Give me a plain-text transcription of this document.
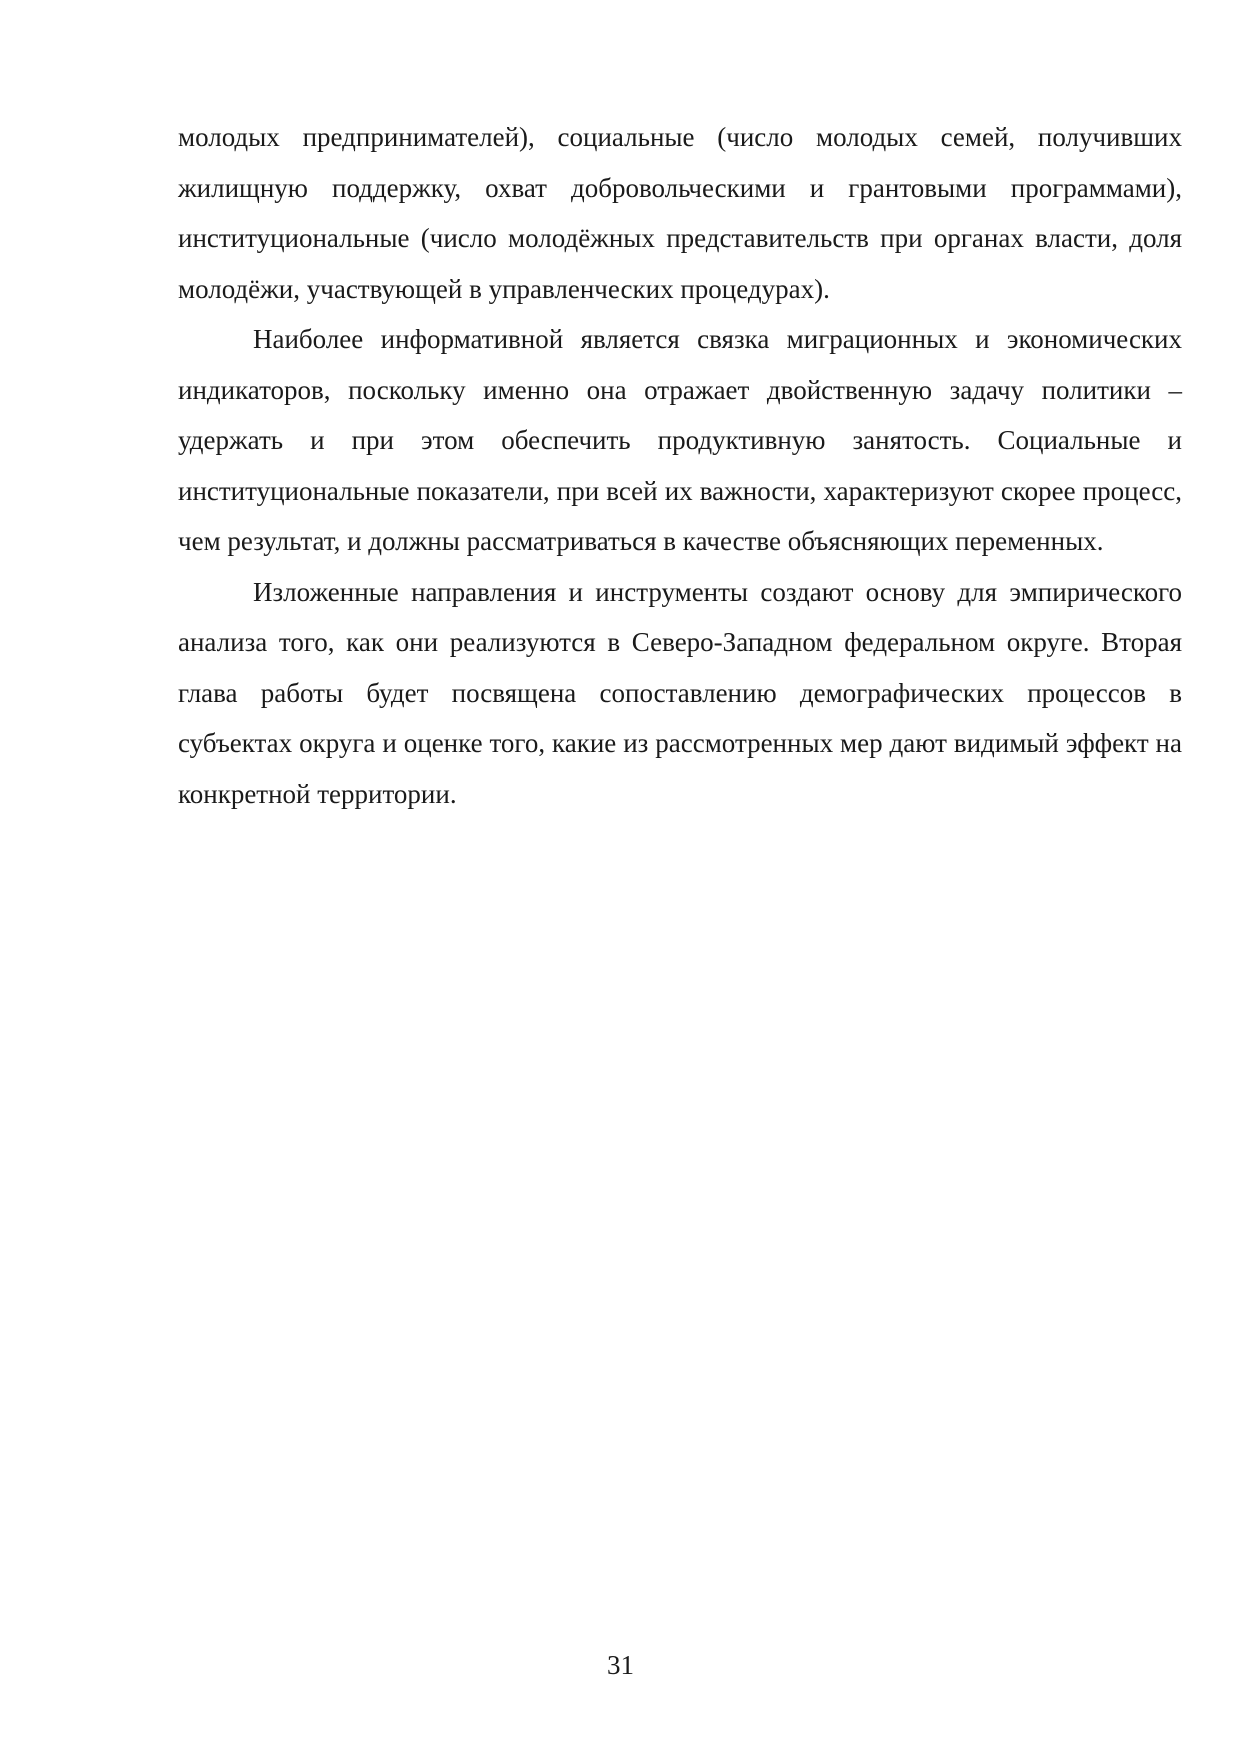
молодых предпринимателей), социальные (число молодых семей, получивших жилищную поддержку, охват добровольческими и грантовыми программами), институциональные (число молодёжных представительств при органах власти, доля молодёжи, участвующей в управленческих процедурах).

Наиболее информативной является связка миграционных и экономических индикаторов, поскольку именно она отражает двойственную задачу политики – удержать и при этом обеспечить продуктивную занятость. Социальные и институциональные показатели, при всей их важности, характеризуют скорее процесс, чем результат, и должны рассматриваться в качестве объясняющих переменных.

Изложенные направления и инструменты создают основу для эмпирического анализа того, как они реализуются в Северо-Западном федеральном округе. Вторая глава работы будет посвящена сопоставлению демографических процессов в субъектах округа и оценке того, какие из рассмотренных мер дают видимый эффект на конкретной территории.

31
